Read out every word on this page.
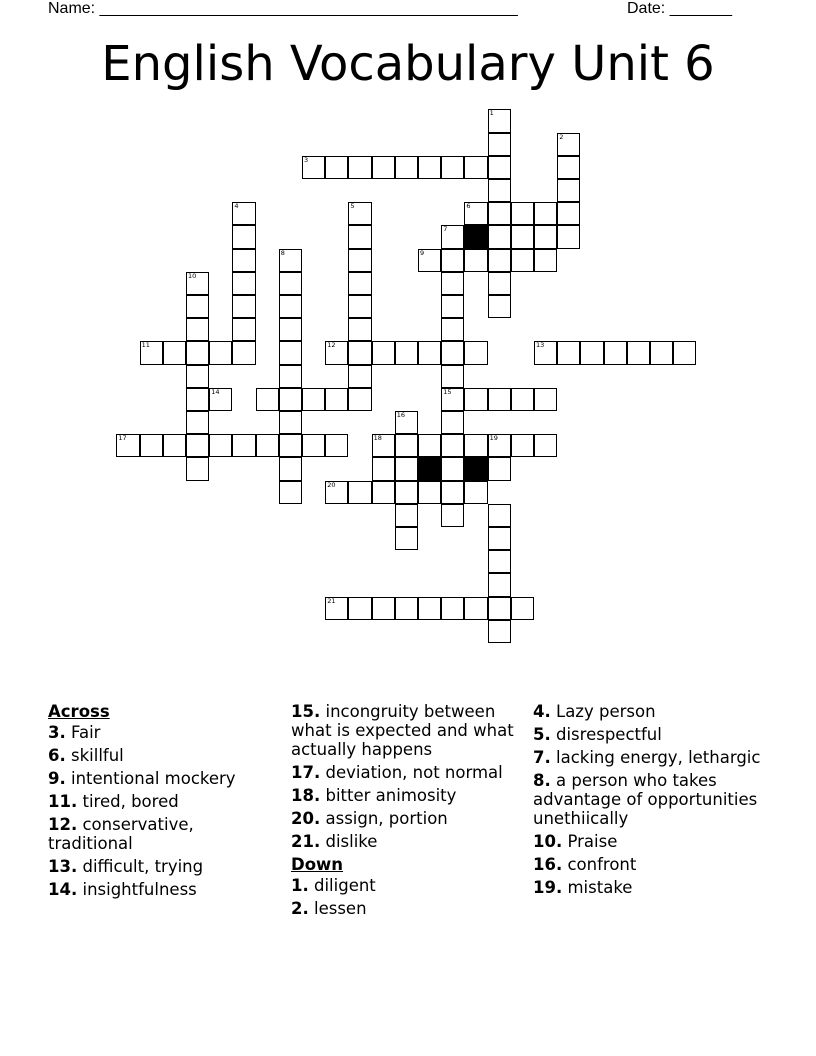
Name: _______________________________________________	Date: _______
English Vocabulary Unit 6
1
2
3
4	5	6
7
8	9
15
10
11	12	13
14
16
17	18	19
20
21
Across
3. Fair
6. skillful
9. intentional mockery
11. tired, bored
12. conservative, traditional
13. difficult, trying
14. insightfulness
15. incongruity between what is expected and what actually happens
17. deviation, not normal
18. bitter animosity
20. assign, portion
21. dislike
Down
1. diligent
2. lessen
4. Lazy person
5. disrespectful
7. lacking energy, lethargic
8. a person who takes advantage of opportunities unethiically
10. Praise
16. confront
19. mistake
